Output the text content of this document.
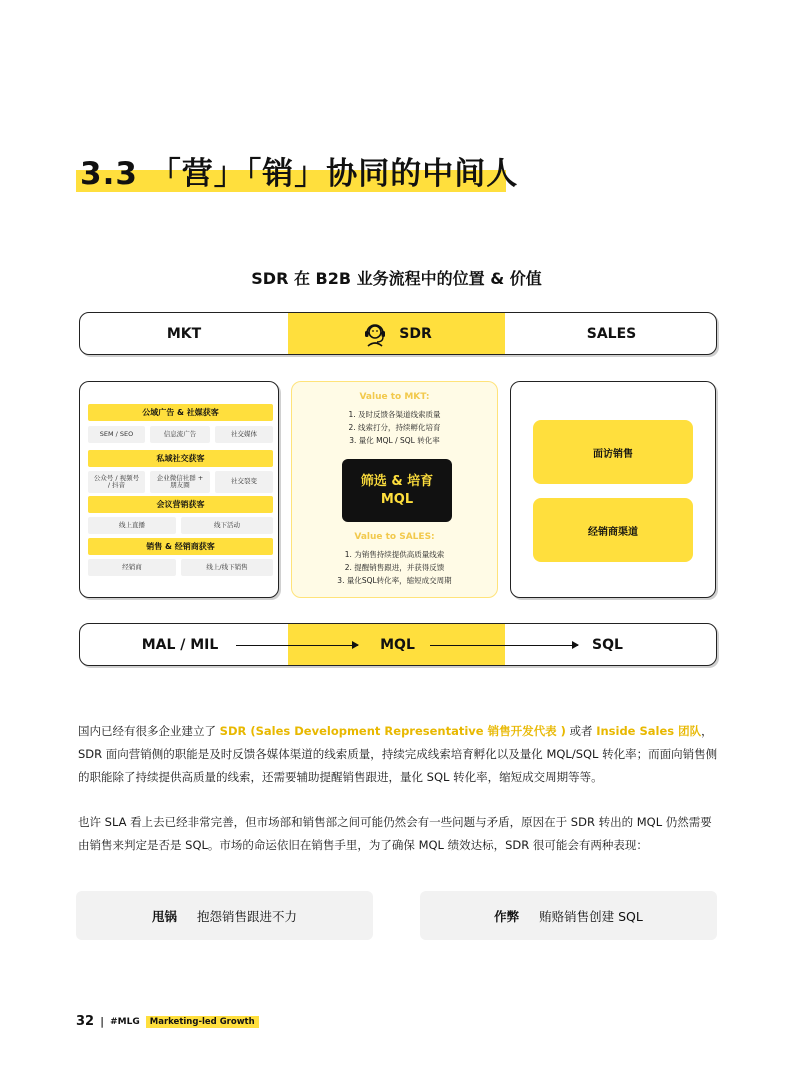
3.3 「营」「销」协同的中间人
SDR 在 B2B 业务流程中的位置 & 价值
MKT	SDR	SALES
公域广告 & 社媒获客
SEM / SEO	信息流广告	社交媒体
私域社交获客
公众号 / 视频号 / 抖音
企业微信社群 + 朋友圈	社交裂变
会议营销获客
线上直播	线下活动
销售 & 经销商获客
经销商	线上/线下销售
Value to MKT:
1. 及时反馈各渠道线索质量
2. 线索打分，持续孵化培育
3. 量化 MQL / SQL 转化率
筛选 & 培育
MQL
Value to SALES:
1. 为销售持续提供高质量线索
2. 提醒销售跟进，并获得反馈
3. 量化SQL转化率，缩短成交周期
面访销售
经销商渠道
MAL / MIL	MQL	SQL
国内已经有很多企业建立了 SDR (Sales Development Representative 销售开发代表 ) 或者 Inside Sales 团队，SDR 面向营销侧的职能是及时反馈各媒体渠道的线索质量，持续完成线索培育孵化以及量化 MQL/SQL 转化率；而面向销售侧的职能除了持续提供高质量的线索，还需要辅助提醒销售跟进，量化 SQL 转化率，缩短成交周期等等。
也许 SLA 看上去已经非常完善，但市场部和销售部之间可能仍然会有一些问题与矛盾，原因在于 SDR 转出的 MQL 仍然需要由销售来判定是否是 SQL。市场的命运依旧在销售手里，为了确保 MQL 绩效达标，SDR 很可能会有两种表现：
甩锅 抱怨销售跟进不力	作弊 贿赂销售创建 SQL
32 | #MLG	Marketing-led Growth
